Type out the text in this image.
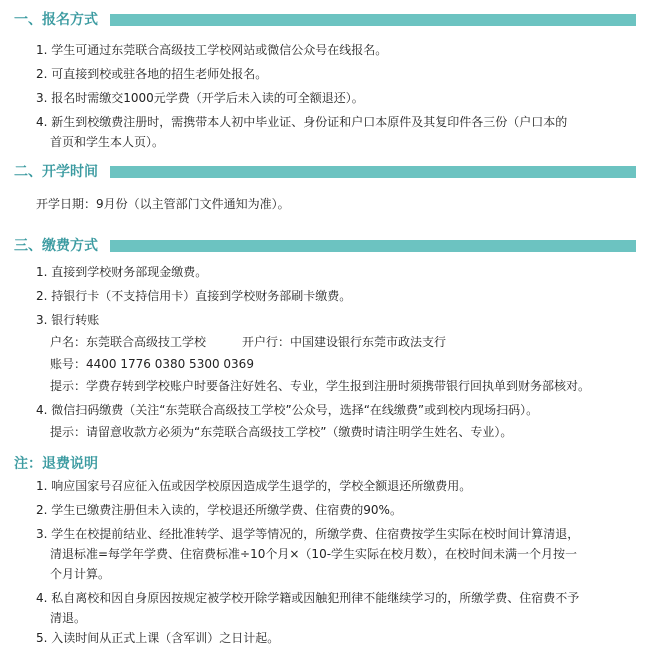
一、报名方式
1. 学生可通过东莞联合高级技工学校网站或微信公众号在线报名。
2. 可直接到校或驻各地的招生老师处报名。
3. 报名时需缴交1000元学费（开学后未入读的可全额退还）。
4. 新生到校缴费注册时，需携带本人初中毕业证、身份证和户口本原件及其复印件各三份（户口本的
首页和学生本人页）。
二、开学时间
开学日期：9月份（以主管部门文件通知为准）。
三、缴费方式
1. 直接到学校财务部现金缴费。
2. 持银行卡（不支持信用卡）直接到学校财务部刷卡缴费。
3. 银行转账
户名：东莞联合高级技工学校	开户行：中国建设银行东莞市政法支行
账号：4400 1776 0380 5300 0369
提示：学费存转到学校账户时要备注好姓名、专业，学生报到注册时须携带银行回执单到财务部核对。
4. 微信扫码缴费（关注“东莞联合高级技工学校”公众号，选择“在线缴费”或到校内现场扫码）。
提示：请留意收款方必须为“东莞联合高级技工学校”（缴费时请注明学生姓名、专业）。
注：退费说明
1. 响应国家号召应征入伍或因学校原因造成学生退学的，学校全额退还所缴费用。
2. 学生已缴费注册但未入读的，学校退还所缴学费、住宿费的90%。
3. 学生在校提前结业、经批准转学、退学等情况的，所缴学费、住宿费按学生实际在校时间计算清退，
清退标准=每学年学费、住宿费标准÷10个月×（10-学生实际在校月数），在校时间未满一个月按一
个月计算。
4. 私自离校和因自身原因按规定被学校开除学籍或因触犯刑律不能继续学习的，所缴学费、住宿费不予
清退。
5. 入读时间从正式上课（含军训）之日计起。
